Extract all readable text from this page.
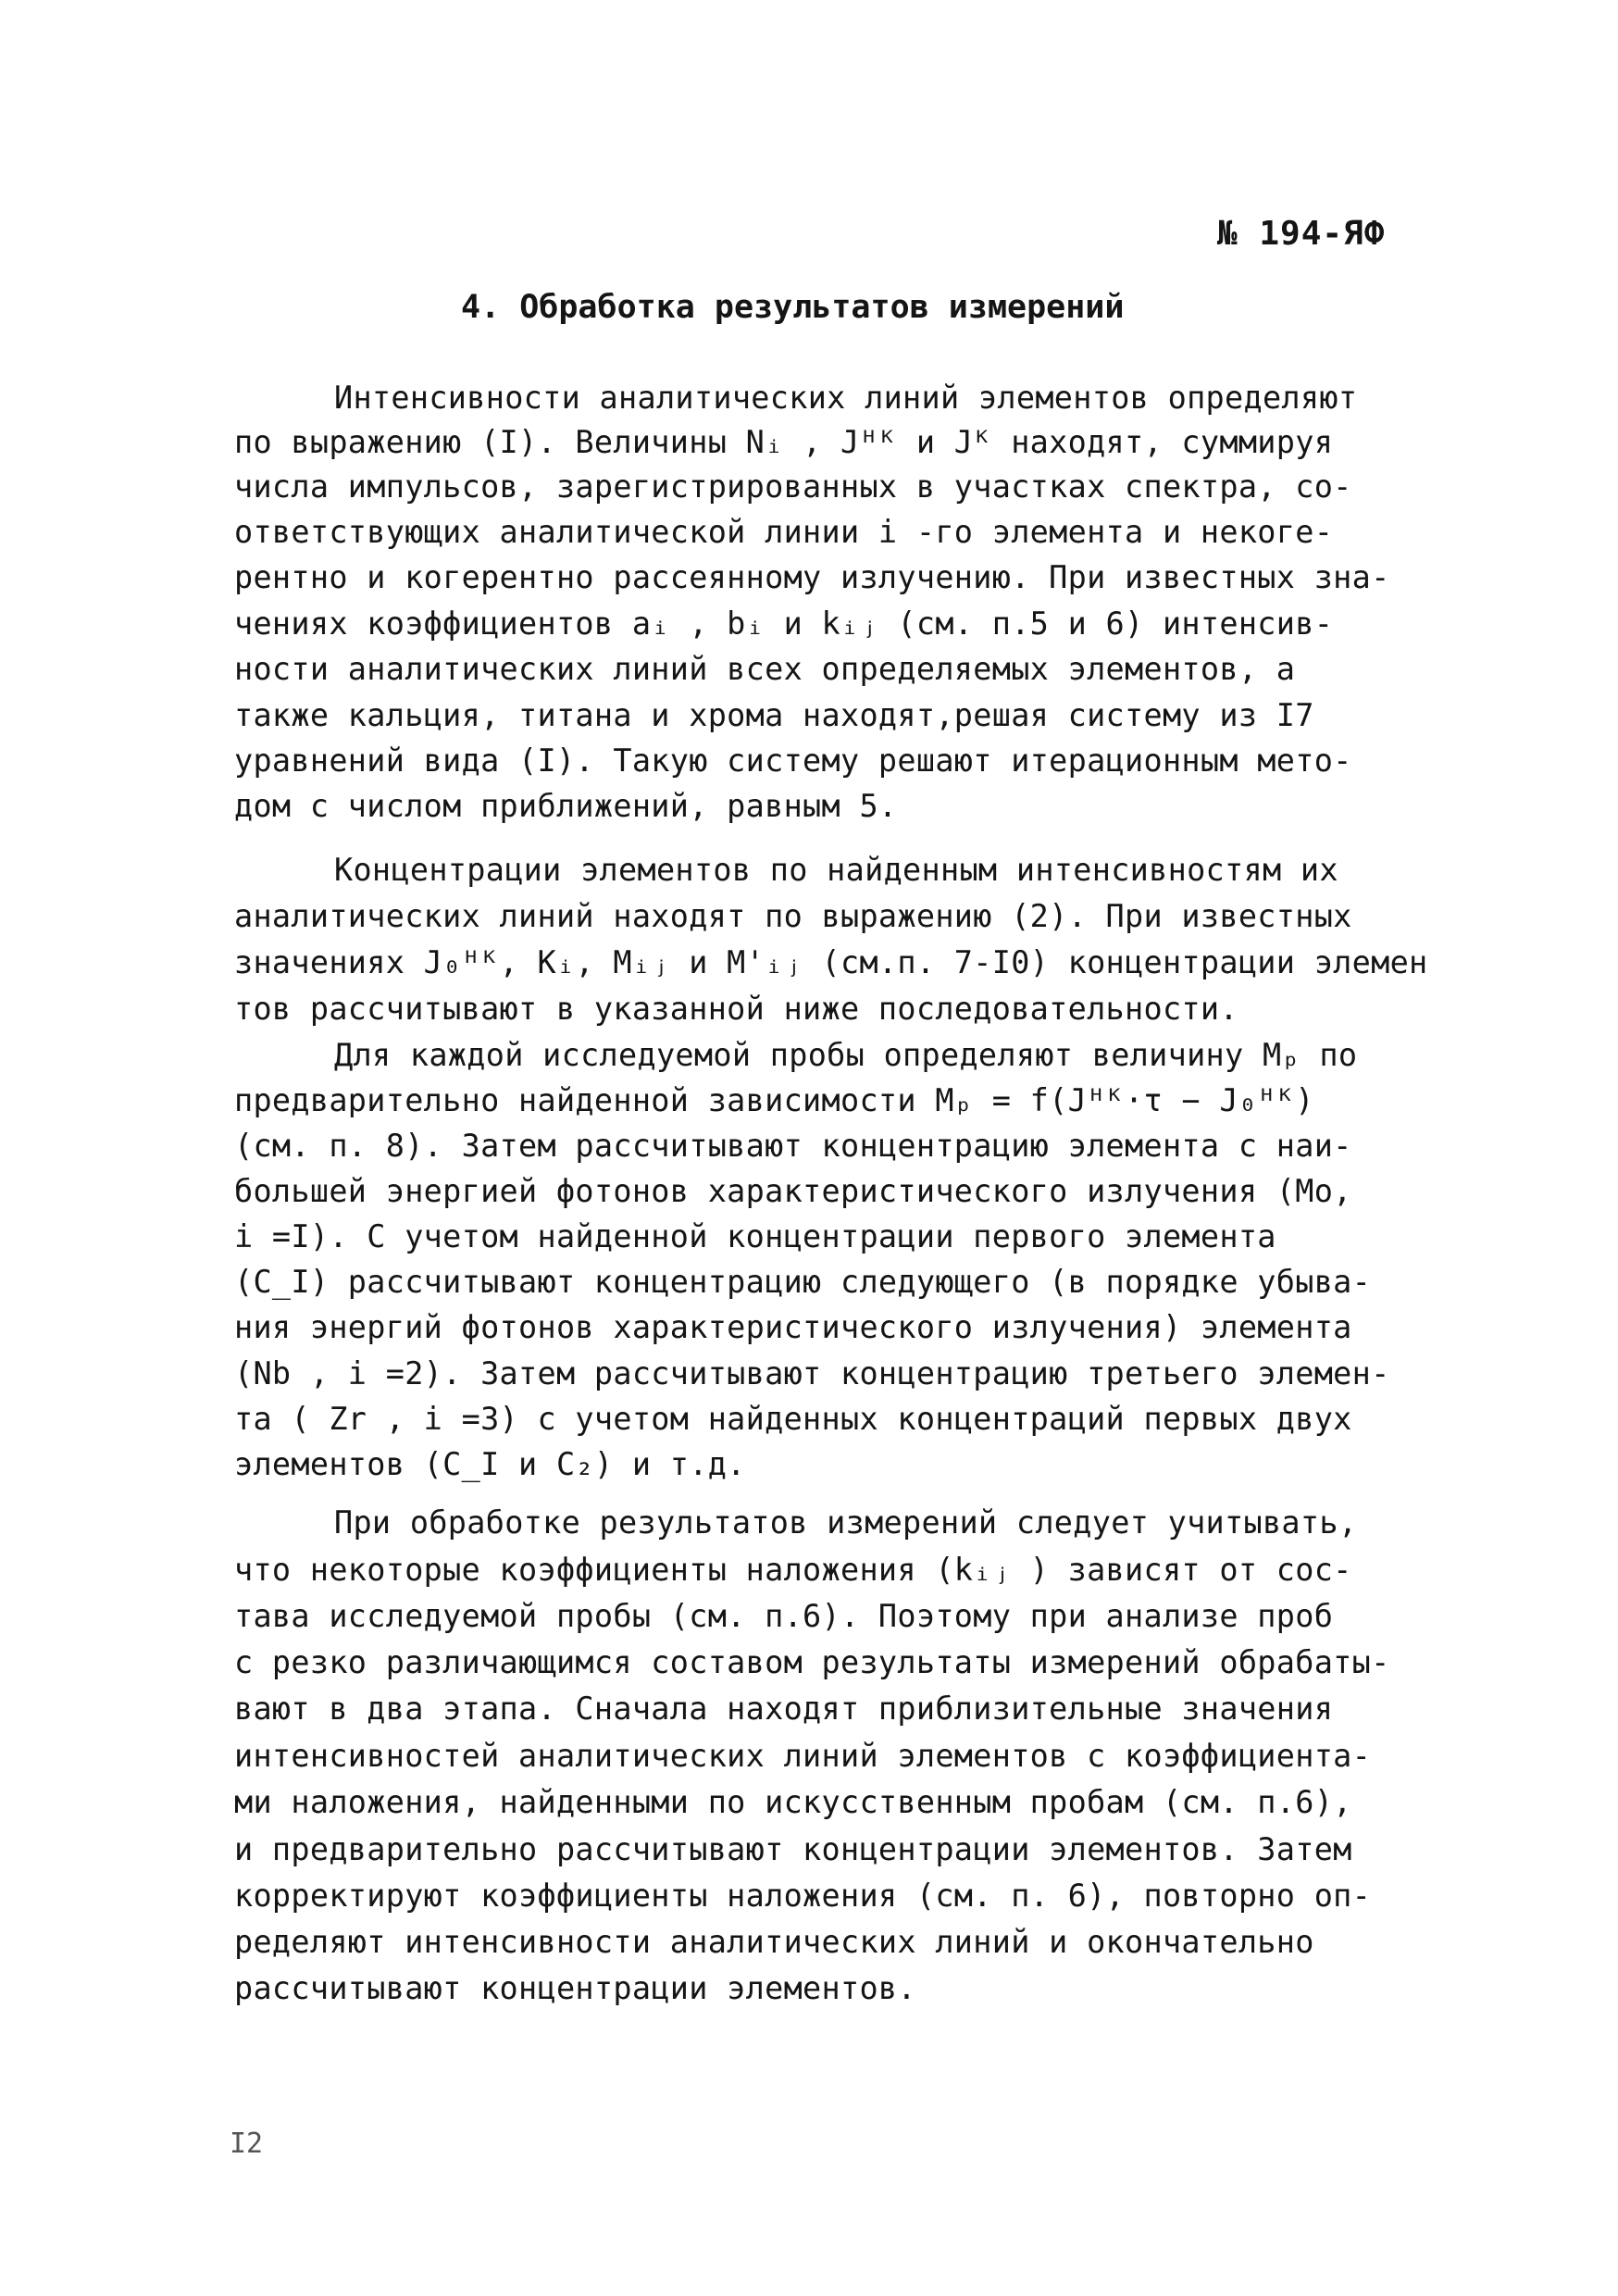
№ 194-ЯФ
4. Обработка результатов измерений
Интенсивности аналитических линий элементов определяют
по выражению (I). Величины Nᵢ , Jᴴᴷ и Jᴷ находят, суммируя
числа импульсов, зарегистрированных в участках спектра, со-
ответствующих аналитической линии i -го элемента и некоге-
рентно и когерентно рассеянному излучению. При известных зна-
чениях коэффициентов aᵢ , bᵢ и kᵢⱼ (см. п.5 и 6) интенсив-
ности аналитических линий всех определяемых элементов, а
также кальция, титана и хрома находят,решая систему из I7
уравнений вида (I). Такую систему решают итерационным мето-
дом с числом приближений, равным 5.
Концентрации элементов по найденным интенсивностям их
аналитических линий находят по выражению (2). При известных
значениях J₀ᴴᴷ, Kᵢ, Mᵢⱼ и M'ᵢⱼ (см.п. 7-I0) концентрации элемен
тов рассчитывают в указанной ниже последовательности.
Для каждой исследуемой пробы определяют величину Mₚ по
предварительно найденной зависимости Mₚ = f(Jᴴᴷ·τ − J₀ᴴᴷ)
(см. п. 8). Затем рассчитывают концентрацию элемента с наи-
большей энергией фотонов характеристического излучения (Mo,
i =I). С учетом найденной концентрации первого элемента
(C_I) рассчитывают концентрацию следующего (в порядке убыва-
ния энергий фотонов характеристического излучения) элемента
(Nb , i =2). Затем рассчитывают концентрацию третьего элемен-
та ( Zr , i =3) с учетом найденных концентраций первых двух
элементов (C_I и C₂) и т.д.
При обработке результатов измерений следует учитывать,
что некоторые коэффициенты наложения (kᵢⱼ ) зависят от сос-
тава исследуемой пробы (см. п.6). Поэтому при анализе проб
с резко различающимся составом результаты измерений обрабаты-
вают в два этапа. Сначала находят приблизительные значения
интенсивностей аналитических линий элементов с коэффициента-
ми наложения, найденными по искусственным пробам (см. п.6),
и предварительно рассчитывают концентрации элементов. Затем
корректируют коэффициенты наложения (см. п. 6), повторно оп-
ределяют интенсивности аналитических линий и окончательно
рассчитывают концентрации элементов.
I2
